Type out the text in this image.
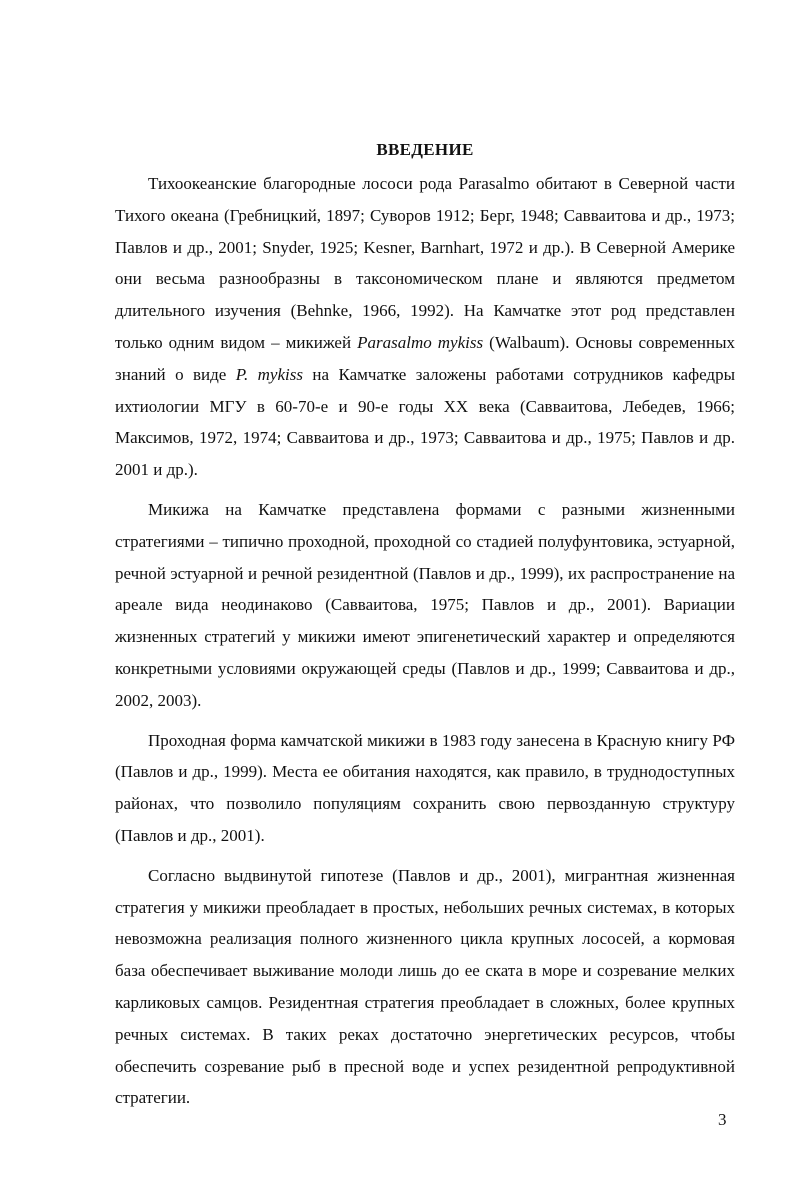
ВВЕДЕНИЕ

Тихоокеанские благородные лососи рода Parasalmo обитают в Северной части Тихого океана (Гребницкий, 1897; Суворов 1912; Берг, 1948; Савваитова и др., 1973; Павлов и др., 2001; Snyder, 1925; Kesner, Barnhart, 1972 и др.). В Северной Америке они весьма разнообразны в таксономическом плане и являются предметом длительного изучения (Behnke, 1966, 1992). На Камчатке этот род представлен только одним видом – микижей Parasalmo mykiss (Walbaum). Основы современных знаний о виде P. mykiss на Камчатке заложены работами сотрудников кафедры ихтиологии МГУ в 60-70-е и 90-е годы XX века (Савваитова, Лебедев, 1966; Максимов, 1972, 1974; Савваитова и др., 1973; Савваитова и др., 1975; Павлов и др. 2001 и др.).

Микижа на Камчатке представлена формами с разными жизненными стратегиями – типично проходной, проходной со стадией полуфунтовика, эстуарной, речной эстуарной и речной резидентной (Павлов и др., 1999), их распространение на ареале вида неодинаково (Савваитова, 1975; Павлов и др., 2001). Вариации жизненных стратегий у микижи имеют эпигенетический характер и определяются конкретными условиями окружающей среды (Павлов и др., 1999; Савваитова и др., 2002, 2003).

Проходная форма камчатской микижи в 1983 году занесена в Красную книгу РФ (Павлов и др., 1999). Места ее обитания находятся, как правило, в труднодоступных районах, что позволило популяциям сохранить свою первозданную структуру (Павлов и др., 2001).

Согласно выдвинутой гипотезе (Павлов и др., 2001), мигрантная жизненная стратегия у микижи преобладает в простых, небольших речных системах, в которых невозможна реализация полного жизненного цикла крупных лососей, а кормовая база обеспечивает выживание молоди лишь до ее ската в море и созревание мелких карликовых самцов. Резидентная стратегия преобладает в сложных, более крупных речных системах. В таких реках достаточно энергетических ресурсов, чтобы обеспечить созревание рыб в пресной воде и успех резидентной репродуктивной стратегии.

3
